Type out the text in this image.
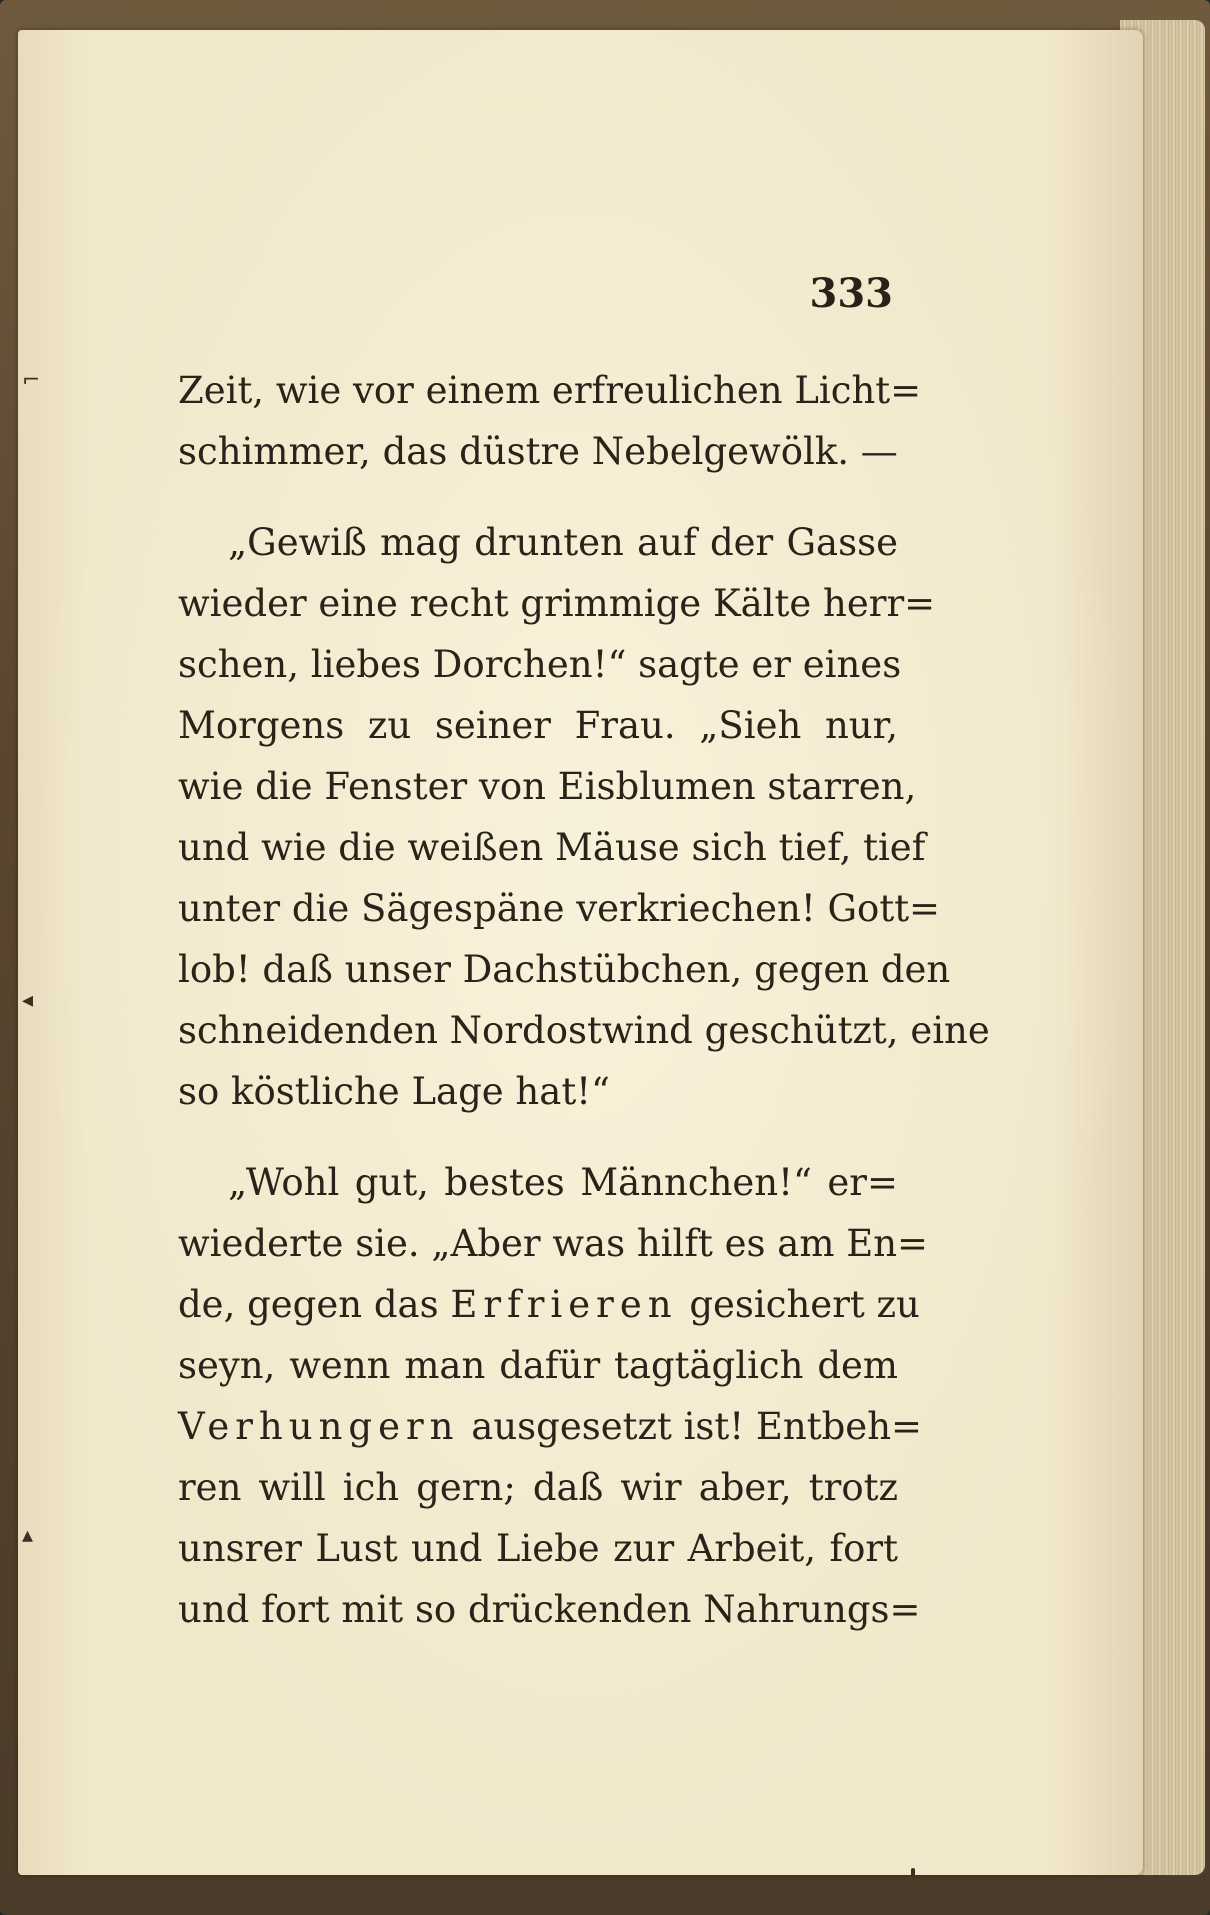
⌐
◂
▴
333
Zeit, wie vor einem erfreulichen Licht=
schimmer, das düstre Nebelgewölk. —
„Gewiß mag drunten auf der Gasse
wieder eine recht grimmige Kälte herr=
schen, liebes Dorchen!“ sagte er eines
Morgens zu seiner Frau. „Sieh nur,
wie die Fenster von Eisblumen starren,
und wie die weißen Mäuse sich tief, tief
unter die Sägespäne verkriechen! Gott=
lob! daß unser Dachstübchen, gegen den
schneidenden Nordostwind geschützt, eine
so köstliche Lage hat!“
„Wohl gut, bestes Männchen!“ er=
wiederte sie. „Aber was hilft es am En=
de, gegen das Erfrieren gesichert zu
seyn, wenn man dafür tagtäglich dem
Verhungern ausgesetzt ist! Entbeh=
ren will ich gern; daß wir aber, trotz
unsrer Lust und Liebe zur Arbeit, fort
und fort mit so drückenden Nahrungs=
